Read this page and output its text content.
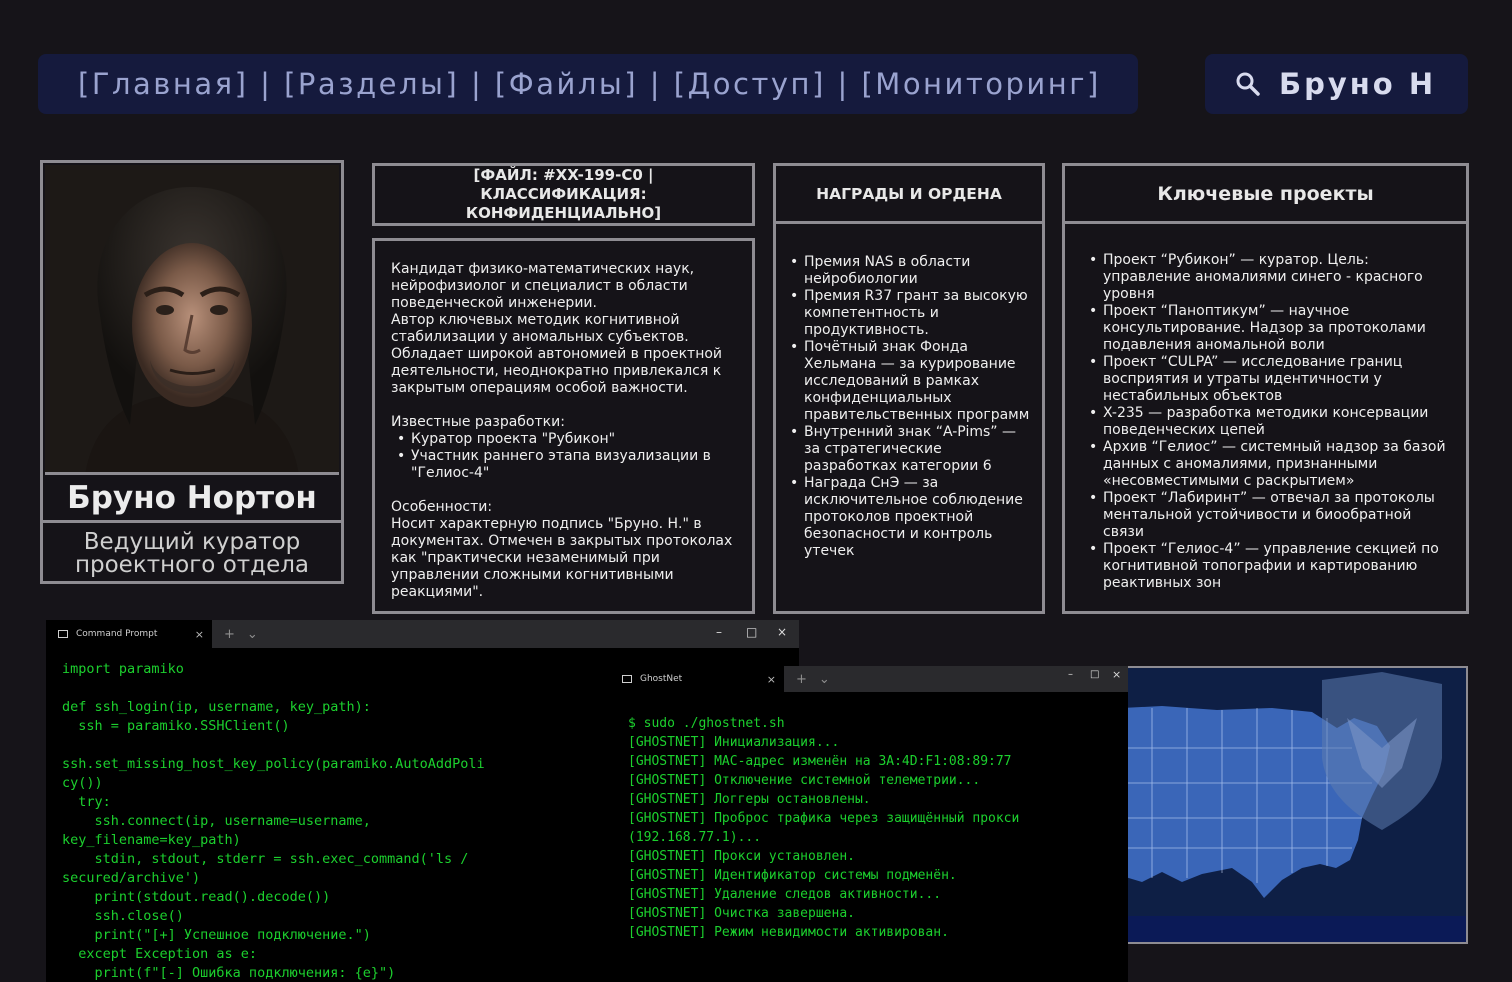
[Главная] | [Разделы] | [Файлы] | [Доступ] | [Мониторинг]	Бруно Н
Бруно Нортон
Ведущий куратор
проектного отдела
[ФАЙЛ: #XX-199-C0 | КЛАССИФИКАЦИЯ: КОНФИДЕНЦИАЛЬНО]

Кандидат физико-математических наук, нейрофизиолог и специалист в области поведенческой инженерии.

Автор ключевых методик когнитивной стабилизации у аномальных субъектов.

Обладает широкой автономией в проектной деятельности, неоднократно привлекался к закрытым операциям особой важности.

Известные разработки:

• Куратор проекта "Рубикон"
• Участник раннего этапа визуализации в "Гелиос-4"

Особенности:

Носит характерную подпись "Бруно. Н." в документах. Отмечен в закрытых протоколах как "практически незаменимый при управлении сложными когнитивными реакциями".

НАГРАДЫ И ОРДЕНА
• Премия NAS в области нейробиологии
• Премия R37 грант за высокую компетентность и продуктивность.
• Почётный знак Фонда Хельмана — за курирование исследований в рамках конфиденциальных правительственных программ
• Внутренний знак “A-Pims” — за стратегические разработках категории 6
• Награда СнЭ — за исключительное соблюдение протоколов проектной безопасности и контроль утечек
Ключевые проекты
• Проект “Рубикон” — куратор. Цель: управление аномалиями синего - красного уровня
• Проект “Паноптикум” — научное консультирование. Надзор за протоколами подавления аномальной воли
• Проект “CULPA” — исследование границ восприятия и утраты идентичности у нестабильных объектов
• X-235 — разработка методики консервации поведенческих цепей
• Архив “Гелиос” — системный надзор за базой данных с аномалиями, признанными «несовместимыми с раскрытием»
• Проект “Лабиринт” — отвечал за протоколы ментальной устойчивости и биообратной связи
• Проект “Гелиос-4” — управление секцией по когнитивной топографии и картированию реактивных зон
Command Prompt	× + ⌄	– □ ×
import paramiko

def ssh_login(ip, username, key_path):
ssh = paramiko.SSHClient()

ssh.set_missing_host_key_policy(paramiko.AutoAddPoli
cy())
try:
ssh.connect(ip, username=username,
key_filename=key_path)
stdin, stdout, stderr = ssh.exec_command('ls /
secured/archive')
print(stdout.read().decode())
ssh.close()
print("[+] Успешное подключение.")
except Exception as e:
print(f"[-] Ошибка подключения: {e}")
GhostNet	× + ⌄	– □ ×
$ sudo ./ghostnet.sh
[GHOSTNET] Инициализация...
[GHOSTNET] MAC-адрес изменён на 3A:4D:F1:08:89:77
[GHOSTNET] Отключение системной телеметрии...
[GHOSTNET] Логгеры остановлены.
[GHOSTNET] Проброс трафика через защищённый прокси
(192.168.77.1)...
[GHOSTNET] Прокси установлен.
[GHOSTNET] Идентификатор системы подменён.
[GHOSTNET] Удаление следов активности...
[GHOSTNET] Очистка завершена.
[GHOSTNET] Режим невидимости активирован.
